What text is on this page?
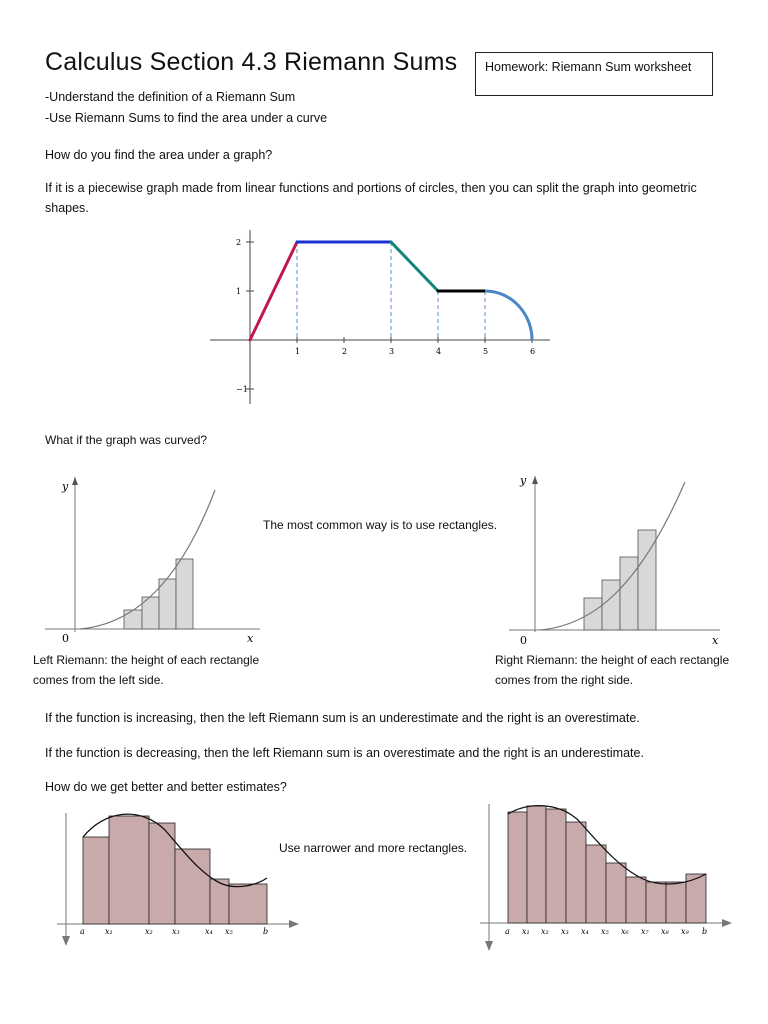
Calculus Section 4.3 Riemann Sums	Homework: Riemann Sum worksheet
-Understand the definition of a Riemann Sum
-Use Riemann Sums to find the area under a curve
How do you find the area under a graph?
If it is a piecewise graph made from linear functions and portions of circles, then you can split the graph into geometric shapes.
1	2	3	4	5	6
2
1
−1
What if the graph was curved?
y
x
0
The most common way is to use rectangles.
y
x
0
Left Riemann: the height of each rectangle comes from the left side.
Right Riemann: the height of each rectangle comes from the right side.
If the function is increasing, then the left Riemann sum is an underestimate and the right is an overestimate.
If the function is decreasing, then the left Riemann sum is an overestimate and the right is an underestimate.
How do we get better and better estimates?
a	x₁	x₂ x₃	x₄ x₅	b
Use narrower and more rectangles.
a x₁ x₂ x₃ x₄ x₅ x₆ x₇ x₈ x₉ b
